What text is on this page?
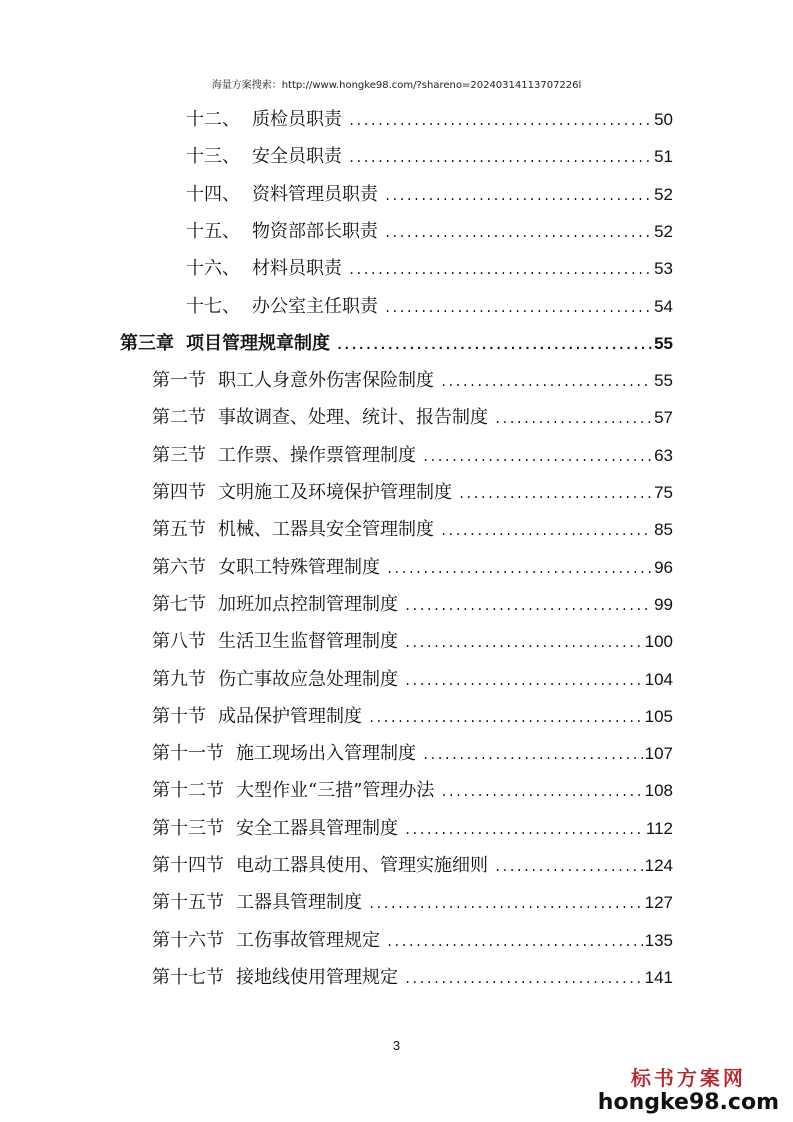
海量方案搜索：http://www.hongke98.com/?shareno=20240314113707226l
十二、 质检员职责 .....	50
十三、 安全员职责 .....	51
十四、 资料管理员职责 .....	52
十五、 物资部部长职责 .....	52
十六、 材料员职责 .....	53
十七、 办公室主任职责 .....	54
第三章 项目管理规章制度 .....	55
第一节 职工人身意外伤害保险制度 .....	55
第二节 事故调查、处理、统计、报告制度 .....	57
第三节 工作票、操作票管理制度 .....	63
第四节 文明施工及环境保护管理制度 .....	75
第五节 机械、工器具安全管理制度 .....	85
第六节 女职工特殊管理制度 .....	96
第七节 加班加点控制管理制度 .....	99
第八节 生活卫生监督管理制度 .....	100
第九节 伤亡事故应急处理制度 .....	104
第十节 成品保护管理制度 .....	105
第十一节 施工现场出入管理制度 .....	107
第十二节 大型作业“三措”管理办法 .....	108
第十三节 安全工器具管理制度 .....	112
第十四节 电动工器具使用、管理实施细则 .....	124
第十五节 工器具管理制度 .....	127
第十六节 工伤事故管理规定 .....	135
第十七节 接地线使用管理规定 .....	141
3
标书方案网
hongke98.com
